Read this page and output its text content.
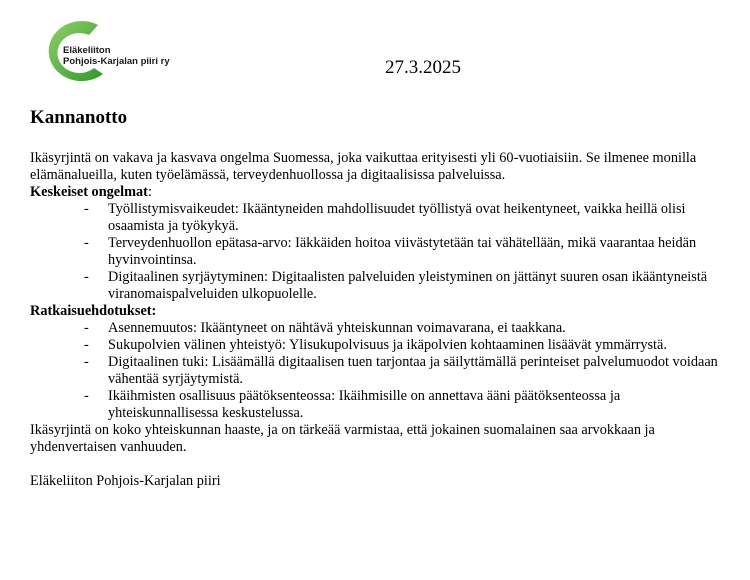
Eläkeliiton
Pohjois-Karjalan piiri ry	27.3.2025
Kannanotto

Ikäsyrjintä on vakava ja kasvava ongelma Suomessa, joka vaikuttaa erityisesti yli 60-vuotiaisiin. Se ilmenee monilla elämänalueilla, kuten työelämässä, terveydenhuollossa ja digitaalisissa palveluissa.

Keskeiset ongelmat:
- Työllistymisvaikeudet: Ikääntyneiden mahdollisuudet työllistyä ovat heikentyneet, vaikka heillä olisi osaamista ja työkykyä.
- Terveydenhuollon epätasa-arvo: Iäkkäiden hoitoa viivästytetään tai vähätellään, mikä vaarantaa heidän hyvinvointinsa.
- Digitaalinen syrjäytyminen: Digitaalisten palveluiden yleistyminen on jättänyt suuren osan ikääntyneistä viranomaispalveluiden ulkopuolelle.
Ratkaisuehdotukset:
- Asennemuutos: Ikääntyneet on nähtävä yhteiskunnan voimavarana, ei taakkana.
- Sukupolvien välinen yhteistyö: Ylisukupolvisuus ja ikäpolvien kohtaaminen lisäävät ymmärrystä.
- Digitaalinen tuki: Lisäämällä digitaalisen tuen tarjontaa ja säilyttämällä perinteiset palvelumuodot voidaan vähentää syrjäytymistä.
- Ikäihmisten osallisuus päätöksenteossa: Ikäihmisille on annettava ääni päätöksenteossa ja yhteiskunnallisessa keskustelussa.

Ikäsyrjintä on koko yhteiskunnan haaste, ja on tärkeää varmistaa, että jokainen suomalainen saa arvokkaan ja yhdenvertaisen vanhuuden.

Eläkeliiton Pohjois-Karjalan piiri
